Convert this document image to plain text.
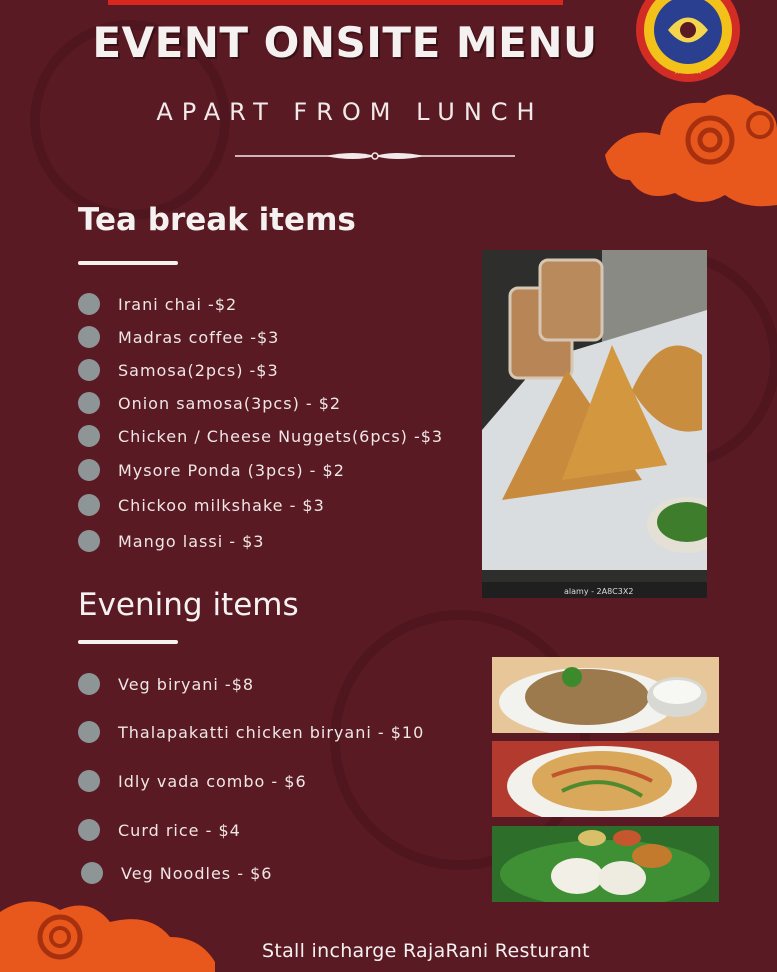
★ ★ ★
EVENT ONSITE MENU
APART FROM LUNCH
Tea break items
Irani chai -$2
Madras coffee -$3
Samosa(2pcs) -$3
Onion samosa(3pcs) - $2
Chicken / Cheese Nuggets(6pcs) -$3
Mysore Ponda (3pcs) - $2
Chickoo milkshake - $3
Mango lassi - $3
alamy - 2A8C3X2
Evening items
Veg biryani -$8
Thalapakatti chicken biryani - $10
Idly vada combo - $6
Curd rice - $4
Veg Noodles - $6
Stall incharge RajaRani Resturant
